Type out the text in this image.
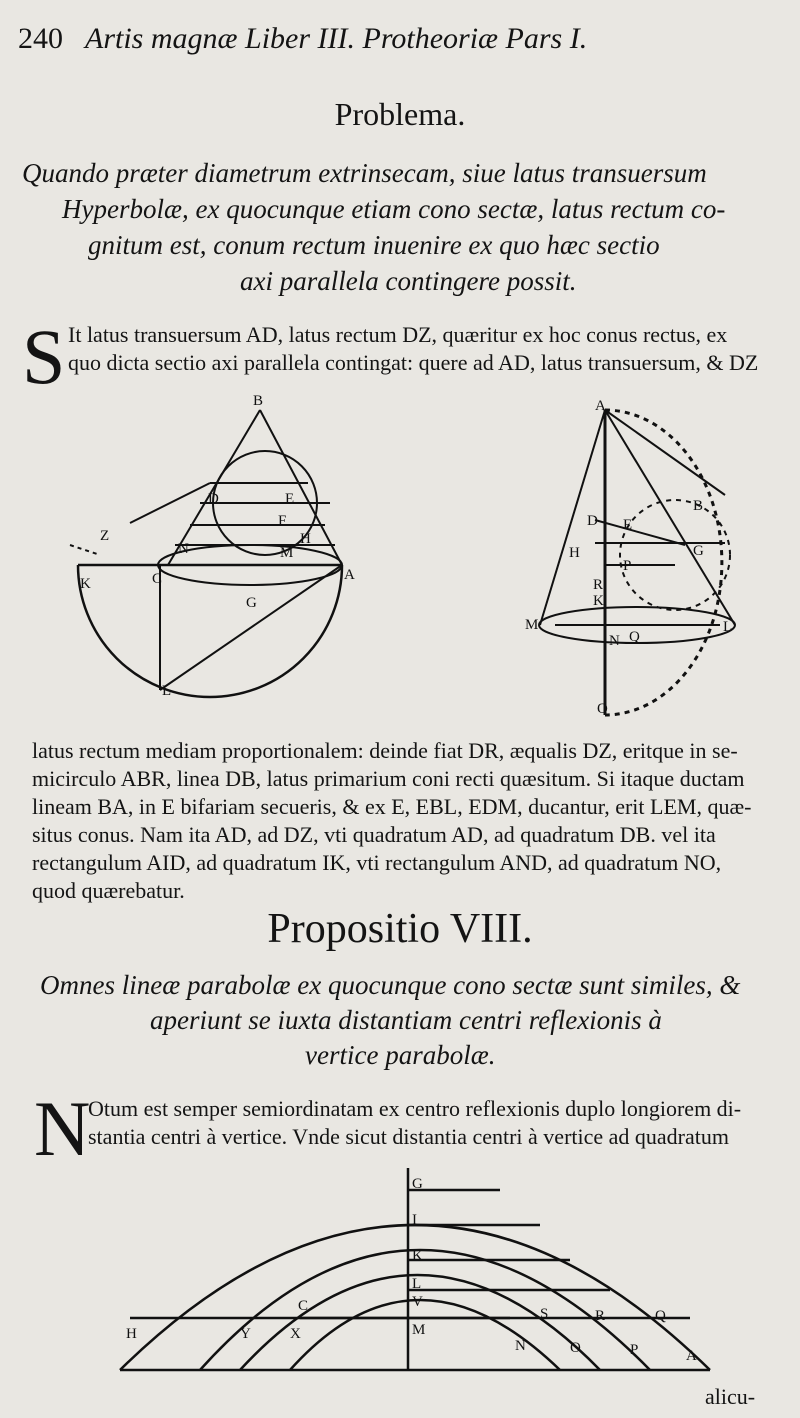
240 Artis magnæ Liber III. Protheoriæ Pars I.
Problema.
Quando præter diametrum extrinsecam, siue latus transuersum
Hyperbolæ, ex quocunque etiam cono sectæ, latus rectum co-
gnitum est, conum rectum inuenire ex quo hæc sectio
axi parallela contingere possit.
S It latus transuersum AD, latus rectum DZ, quæritur ex hoc conus rectus, ex
quo dicta sectio axi parallela contingat: quere ad AD, latus transuersum, & DZ
B
D	E
F
H
M
N
Z
K	C
G
A
L
A
B
D E
H	G
P
R
K
M
N Q
L
O
latus rectum mediam proportionalem: deinde fiat DR, æqualis DZ, eritque in se-
micirculo ABR, linea DB, latus primarium coni recti quæsitum. Si itaque ductam
lineam BA, in E bifariam secueris, & ex E, EBL, EDM, ducantur, erit LEM, quæ-
situs conus. Nam ita AD, ad DZ, vti quadratum AD, ad quadratum DB. vel ita
rectangulum AID, ad quadratum IK, vti rectangulum AND, ad quadratum NO,
quod quærebatur.
Propositio VIII.
Omnes lineæ parabolæ ex quocunque cono sectæ sunt similes, &
aperiunt se iuxta distantiam centri reflexionis à
vertice parabolæ.
N
Otum est semper semiordinatam ex centro reflexionis duplo longiorem di-
stantia centri à vertice. Vnde sicut distantia centri à vertice ad quadratum
G
I
K
L
V
M
C	S	R	Q
H	Y	X
N	O	P	A
alicu-
